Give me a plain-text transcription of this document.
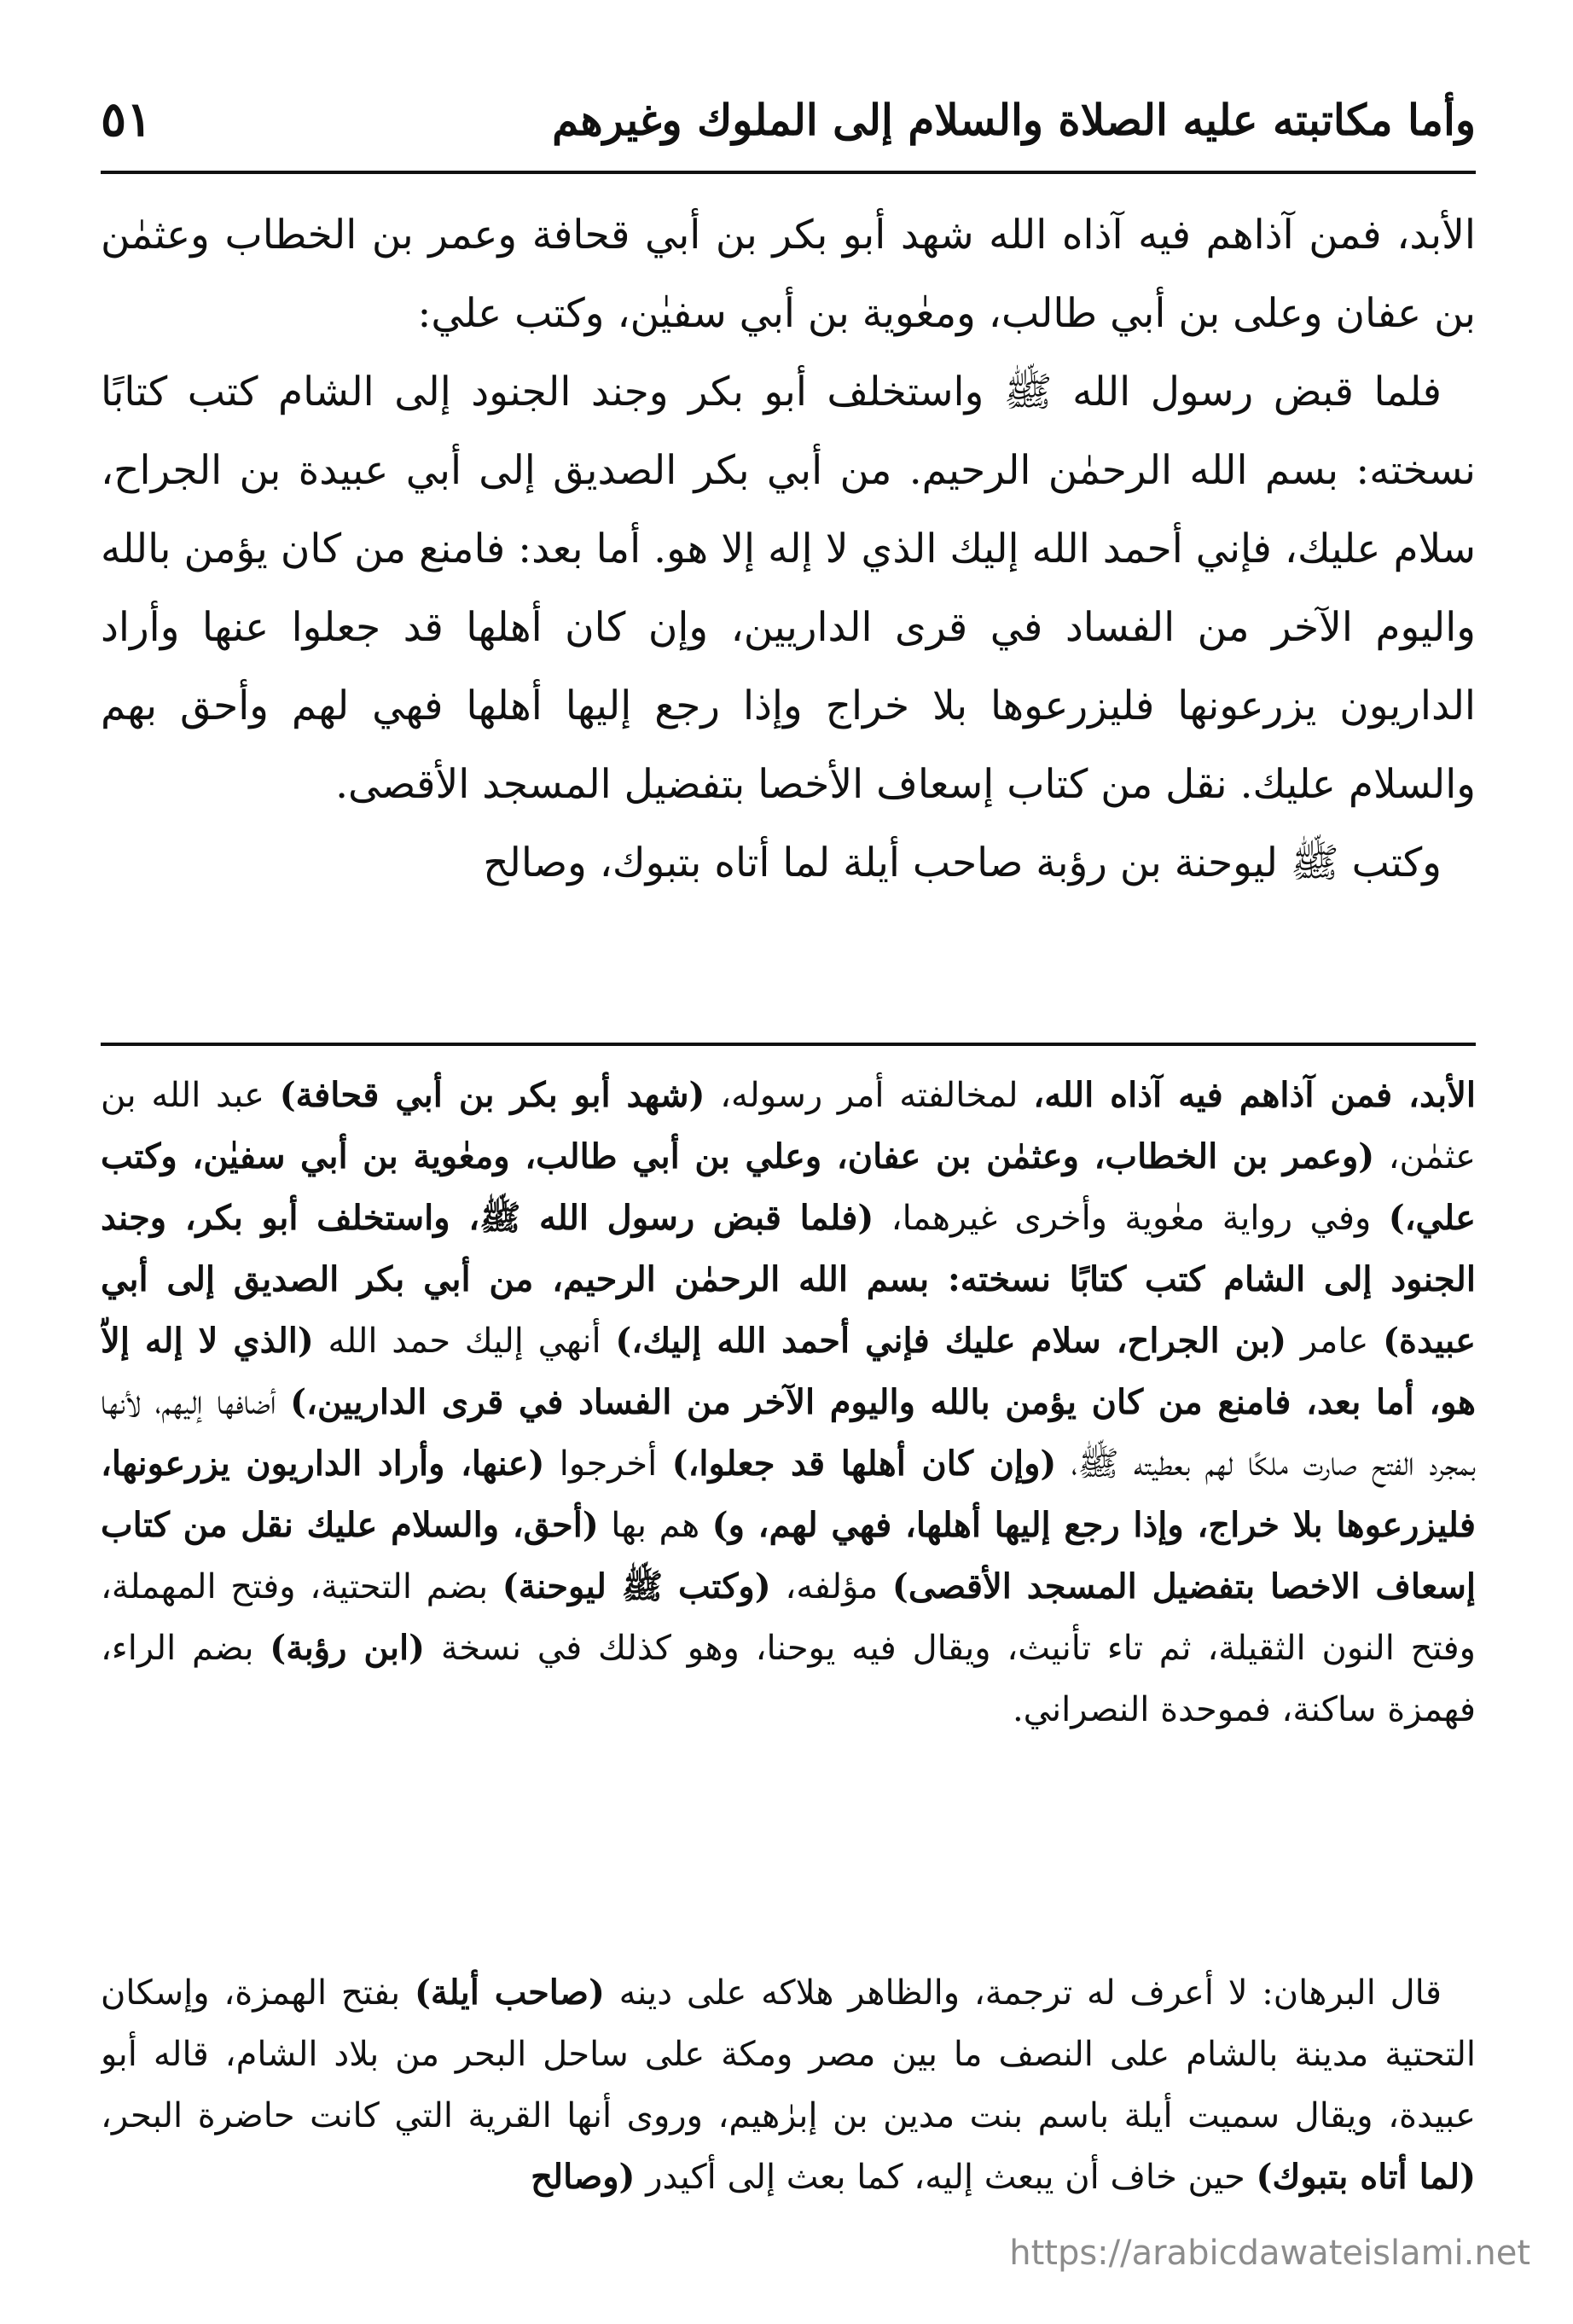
٥١	وأما مكاتبته عليه الصلاة والسلام إلى الملوك وغيرهم

الأبد، فمن آذاهم فيه آذاه الله شهد أبو بكر بن أبي قحافة وعمر بن الخطاب وعثمٰن بن عفان وعلى بن أبي طالب، ومعٰوية بن أبي سفيٰن، وكتب علي:

فلما قبض رسول الله ﷺ واستخلف أبو بكر وجند الجنود إلى الشام كتب كتابًا نسخته: بسم الله الرحمٰن الرحيم. من أبي بكر الصديق إلى أبي عبيدة بن الجراح، سلام عليك، فإني أحمد الله إليك الذي لا إله إلا هو. أما بعد: فامنع من كان يؤمن بالله واليوم الآخر من الفساد في قرى الداريين، وإن كان أهلها قد جعلوا عنها وأراد الداريون يزرعونها فليزرعوها بلا خراج وإذا رجع إليها أهلها فهي لهم وأحق بهم والسلام عليك. نقل من كتاب إسعاف الأخصا بتفضيل المسجد الأقصى.

وكتب ﷺ ليوحنة بن رؤبة صاحب أيلة لما أتاه بتبوك، وصالح

الأبد، فمن آذاهم فيه آذاه الله، لمخالفته أمر رسوله، (شهد أبو بكر بن أبي قحافة) عبد الله بن عثمٰن، (وعمر بن الخطاب، وعثمٰن بن عفان، وعلي بن أبي طالب، ومعٰوية بن أبي سفيٰن، وكتب علي،) وفي رواية معٰوية وأخرى غيرهما، (فلما قبض رسول الله ﷺ، واستخلف أبو بكر، وجند الجنود إلى الشام كتب كتابًا نسخته: بسم الله الرحمٰن الرحيم، من أبي بكر الصديق إلى أبي عبيدة) عامر (بن الجراح، سلام عليك فإني أحمد الله إليك،) أنهي إليك حمد الله (الذي لا إله إلاّ هو، أما بعد، فامنع من كان يؤمن بالله واليوم الآخر من الفساد في قرى الداريين،) أضافها إليهم، لأنها بمجرد الفتح صارت ملكًا لهم بعطيته ﷺ، (وإن كان أهلها قد جعلوا،) أخرجوا (عنها، وأراد الداريون يزرعونها، فليزرعوها بلا خراج، وإذا رجع إليها أهلها، فهي لهم، و) هم بها (أحق، والسلام عليك نقل من كتاب إسعاف الاخصا بتفضيل المسجد الأقصى) مؤلفه، (وكتب ﷺ ليوحنة) بضم التحتية، وفتح المهملة، وفتح النون الثقيلة، ثم تاء تأنيث، ويقال فيه يوحنا، وهو كذلك في نسخة (ابن رؤبة) بضم الراء، فهمزة ساكنة، فموحدة النصراني.

قال البرهان: لا أعرف له ترجمة، والظاهر هلاكه على دينه (صاحب أيلة) بفتح الهمزة، وإسكان التحتية مدينة بالشام على النصف ما بين مصر ومكة على ساحل البحر من بلاد الشام، قاله أبو عبيدة، ويقال سميت أيلة باسم بنت مدين بن إبرٰهيم، وروى أنها القرية التي كانت حاضرة البحر، (لما أتاه بتبوك) حين خاف أن يبعث إليه، كما بعث إلى أكيدر (وصالح

https://arabicdawateislami.net
